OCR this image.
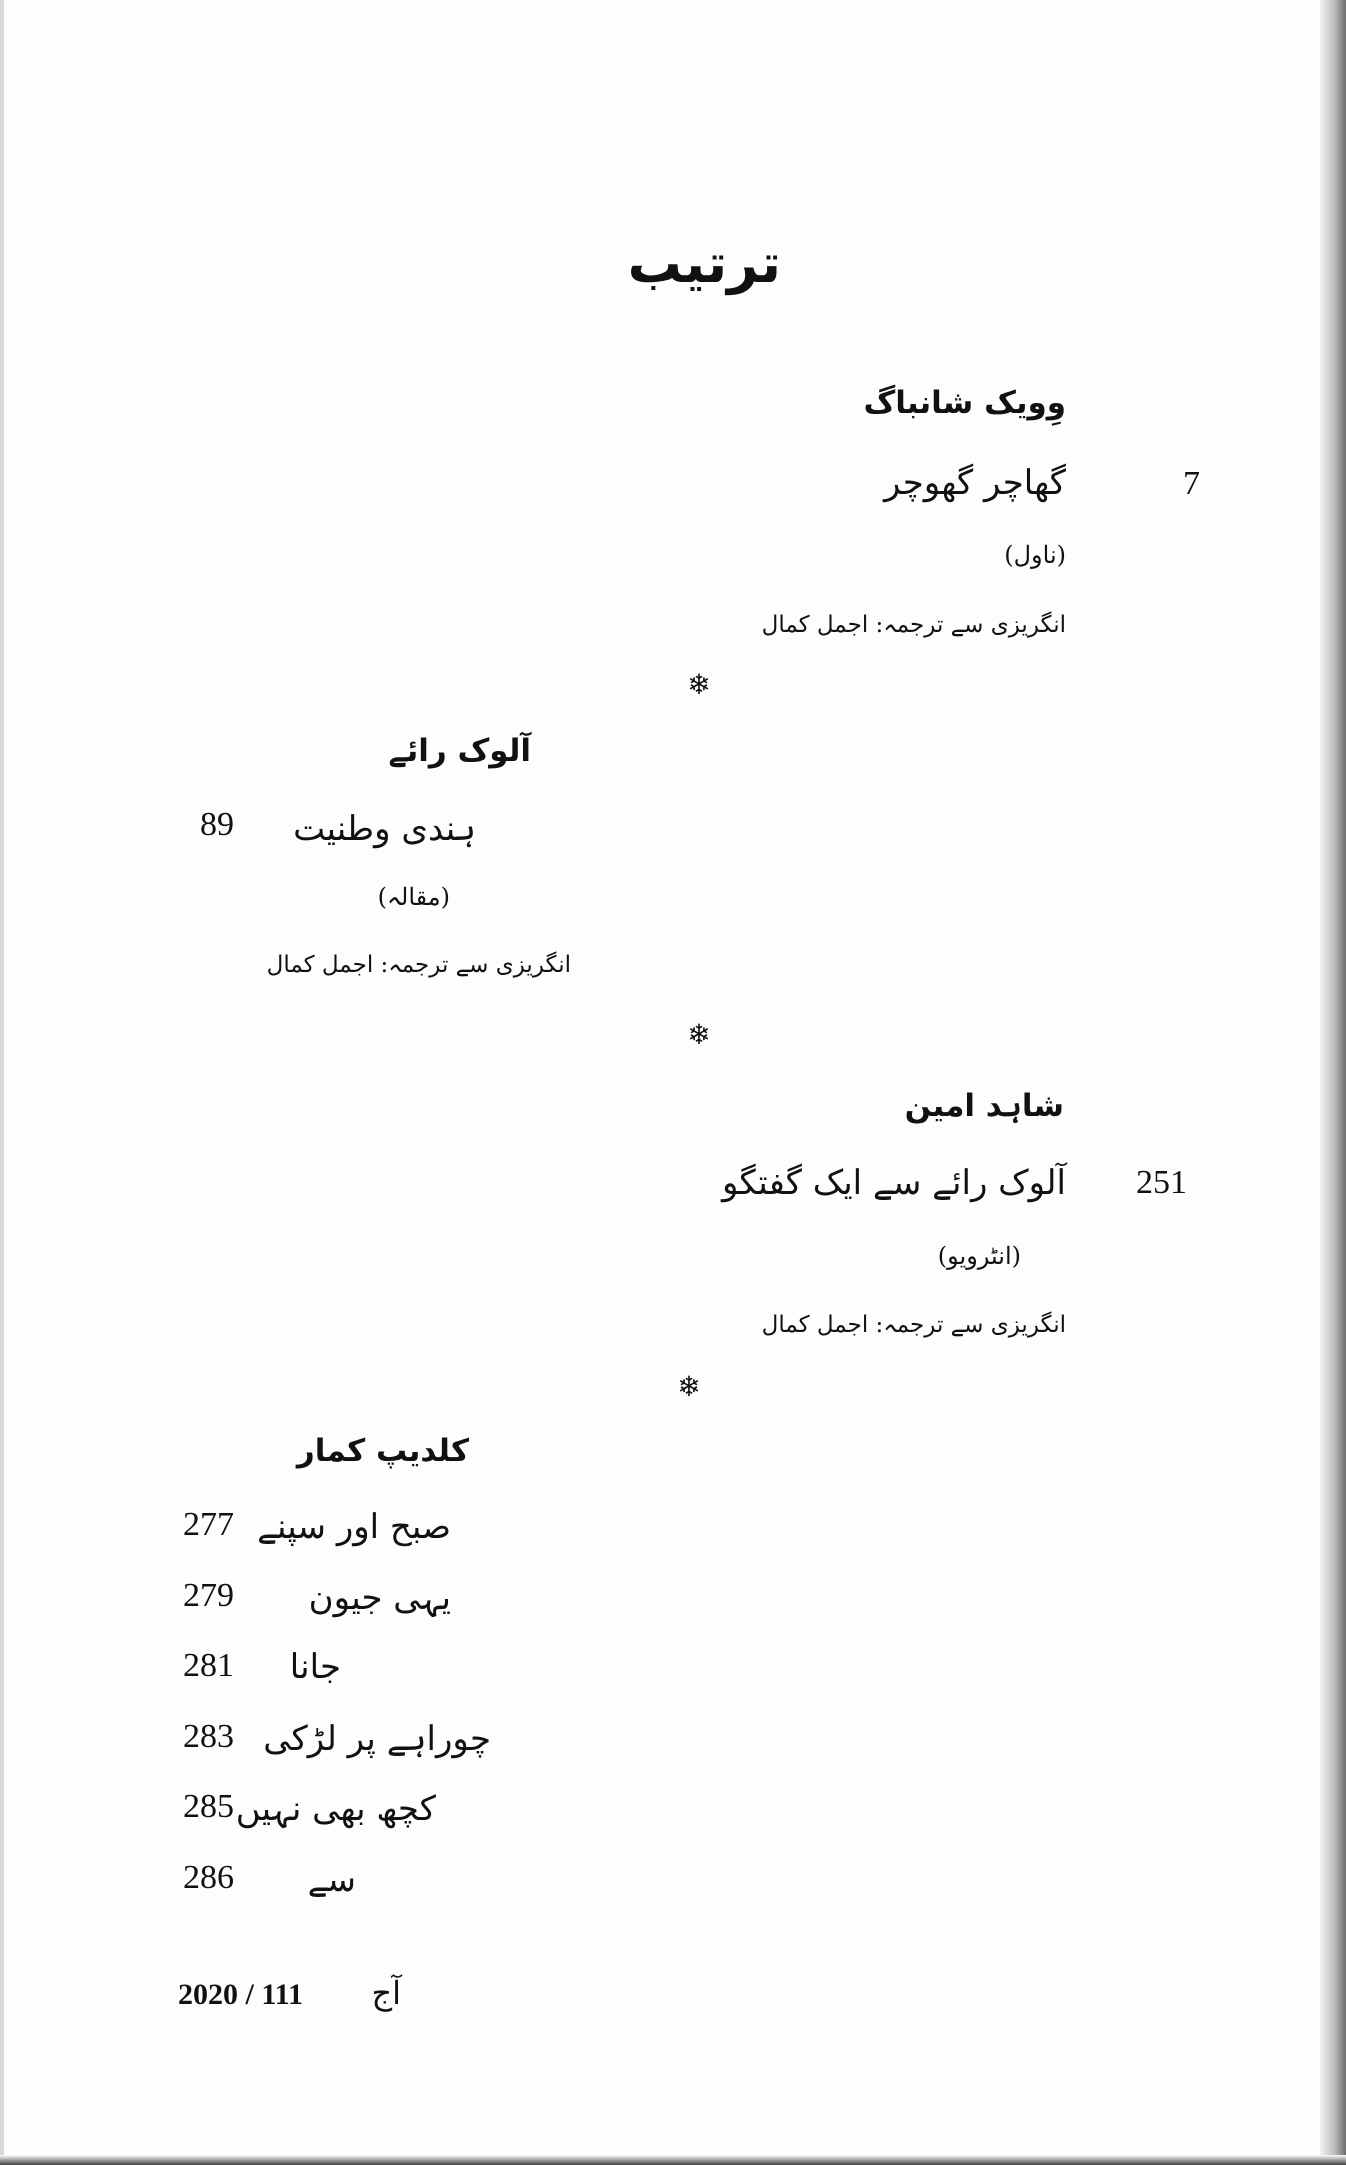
ترتیب
وِویک شانباگ
گھاچر گھوچر	7
(ناول)
انگریزی سے ترجمہ: اجمل کمال
❄
آلوک رائے
ہندی وطنیت
89
(مقالہ)
انگریزی سے ترجمہ: اجمل کمال
❄
شاہد امین
آلوک رائے سے ایک گفتگو 251
(انٹرویو)
انگریزی سے ترجمہ: اجمل کمال
❄
کلدیپ کمار
صبح اور سپنے
277
یہی جیون
279
جانا
281
چوراہے پر لڑکی
283
کچھ بھی نہیں
285
سے
286
آج
2020 / 111
